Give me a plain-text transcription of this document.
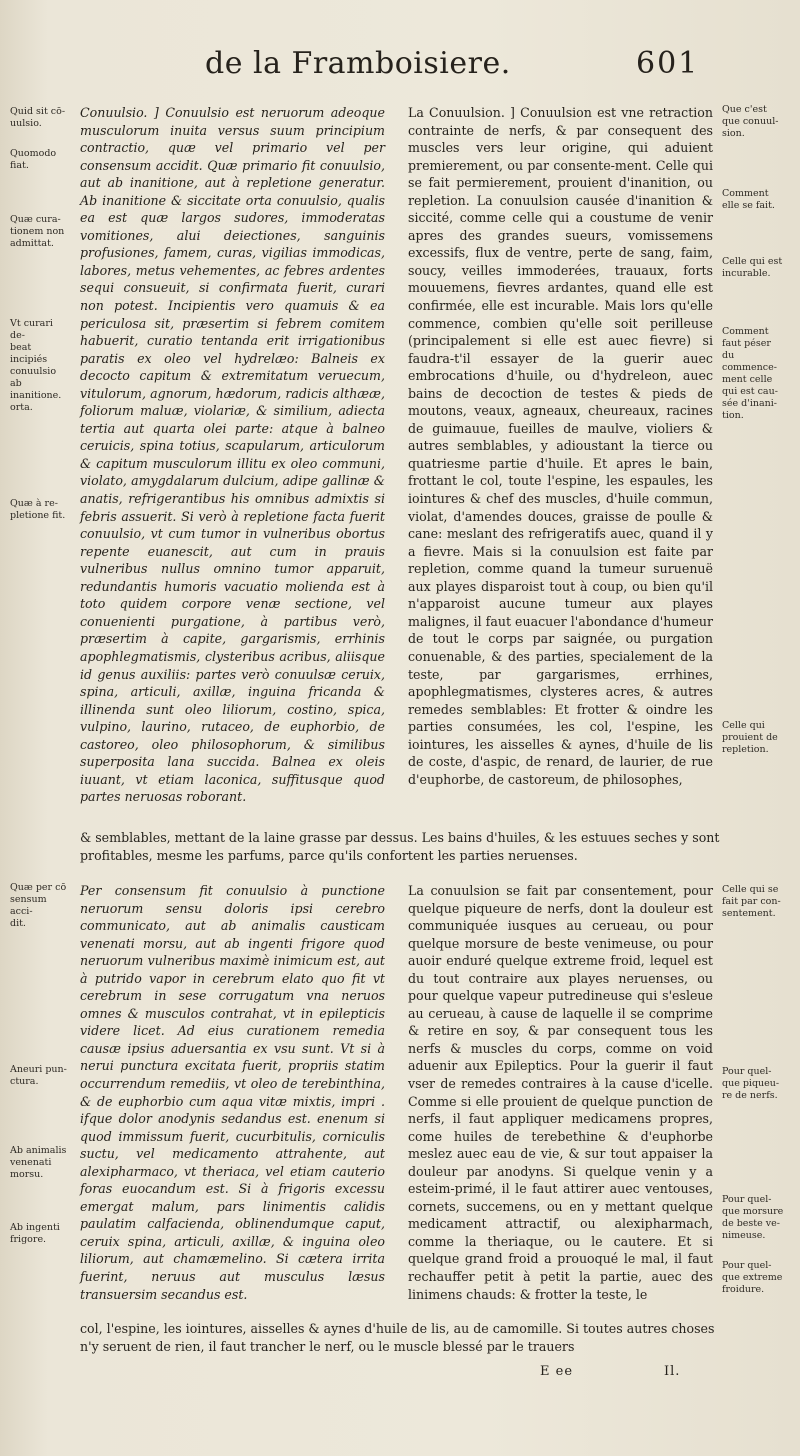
de la Framboisiere.	601
Quid sit cō-
uulsio.
Quomodo
fiat.
Quæ cura-
tionem non
admittat.
Vt curari de-
beat incipiés
conuulsio ab
inanitione.
orta.
Quæ à re-
pletione fit.
Quæ per cō
sensum acci-
dit.
Aneuri pun-
ctura.
Ab animalis
venenati
morsu.
Ab ingenti
frigore.
Que c'est
que conuul-
sion.
Comment
elle se fait.
Celle qui est
incurable.
Comment
faut péser du
commence-
ment celle
qui est cau-
sée d'inani-
tion.
Celle qui
prouient de
repletion.
Celle qui se
fait par con-
sentement.
Pour quel-
que piqueu-
re de nerfs.
Pour quel-
que morsure
de beste ve-
nimeuse.
Pour quel-
que extreme
froidure.
Conuulsio. ] Conuulsio est neruorum adeoque musculorum inuita versus suum principium contractio, quæ vel primario vel per consensum accidit. Quæ primario fit conuulsio, aut ab inanitione, aut à repletione generatur. Ab inanitione & siccitate orta conuulsio, qualis ea est quæ largos sudores, immoderatas vomitiones, alui deiectiones, sanguinis profusiones, famem, curas, vigilias immodicas, labores, metus vehementes, ac febres ardentes sequi consueuit, si confirmata fuerit, curari non potest. Incipientis vero quamuis & ea periculosa sit, præsertim si febrem comitem habuerit, curatio tentanda erit irrigationibus paratis ex oleo vel hydrelæo: Balneis ex decocto capitum & extremitatum veruecum, vitulorum, agnorum, hædorum, radicis althææ, foliorum maluæ, violariæ, & similium, adiecta tertia aut quarta olei parte: atque à balneo ceruicis, spina totius, scapularum, articulorum & capitum musculorum illitu ex oleo communi, violato, amygdalarum dulcium, adipe gallinæ & anatis, refrigerantibus his omnibus admixtis si febris assuerit. Si verò à repletione facta fuerit conuulsio, vt cum tumor in vulneribus obortus repente euanescit, aut cum in prauis vulneribus nullus omnino tumor apparuit, redundantis humoris vacuatio molienda est à toto quidem corpore venæ sectione, vel conuenienti purgatione, à partibus verò, præsertim à capite, gargarismis, errhinis apophlegmatismis, clysteribus acribus, aliisque id genus auxiliis: partes verò conuulsæ ceruix, spina, articuli, axillæ, inguina fricanda & illinenda sunt oleo liliorum, costino, spica, vulpino, laurino, rutaceo, de euphorbio, de castoreo, oleo philosophorum, & similibus superposita lana succida. Balnea ex oleis iuuant, vt etiam laconica, suffitusque quod partes neruosas roborant.
La Conuulsion. ] Conuulsion est vne retraction contrainte de nerfs, & par consequent des muscles vers leur origine, qui aduient premierement, ou par consente-ment. Celle qui se fait permierement, prouient d'inanition, ou repletion. La conuulsion causée d'inanition & siccité, comme celle qui a coustume de venir apres des grandes sueurs, vomissemens excessifs, flux de ventre, perte de sang, faim, soucy, veilles immoderées, trauaux, forts mouuemens, fievres ardantes, quand elle est confirmée, elle est incurable. Mais lors qu'elle commence, combien qu'elle soit perilleuse (principalement si elle est auec fievre) si faudra-t'il essayer de la guerir auec embrocations d'huile, ou d'hydreleon, auec bains de decoction de testes & pieds de moutons, veaux, agneaux, cheureaux, racines de guimauue, fueilles de maulve, violiers & autres semblables, y adioustant la tierce ou quatriesme partie d'huile. Et apres le bain, frottant le col, toute l'espine, les espaules, les iointures & chef des muscles, d'huile commun, violat, d'amendes douces, graisse de poulle & cane: meslant des refrigeratifs auec, quand il y a fievre. Mais si la conuulsion est faite par repletion, comme quand la tumeur suruenuë aux playes disparoist tout à coup, ou bien qu'il n'apparoist aucune tumeur aux playes malignes, il faut euacuer l'abondance d'humeur de tout le corps par saignée, ou purgation conuenable, & des parties, specialement de la teste, par gargarismes, errhines, apophlegmatismes, clysteres acres, & autres remedes semblables: Et frotter & oindre les parties consumées, les col, l'espine, les iointures, les aisselles & aynes, d'huile de lis de coste, d'aspic, de renard, de laurier, de rue d'euphorbe, de castoreum, de philosophes,
& semblables, mettant de la laine grasse par dessus. Les bains d'huiles, & les estuues seches y sont profitables, mesme les parfums, parce qu'ils confortent les parties neruenses.
Per consensum fit conuulsio à punctione neruorum sensu doloris ipsi cerebro communicato, aut ab animalis causticam venenati morsu, aut ab ingenti frigore quod neruorum vulneribus maximè inimicum est, aut à putrido vapor in cerebrum elato quo fit vt cerebrum in sese corrugatum vna neruos omnes & musculos contrahat, vt in epilepticis videre licet. Ad eius curationem remedia causæ ipsius aduersantia ex vsu sunt. Vt si à nerui punctura excitata fuerit, propriis statim occurrendum remediis, vt oleo de terebinthina, & de euphorbio cum aqua vitæ mixtis, impri . ifque dolor anodynis sedandus est. enenum si quod immissum fuerit, cucurbitulis, corniculis suctu, vel medicamento attrahente, aut alexipharmaco, vt theriaca, vel etiam cauterio foras euocandum est. Si à frigoris excessu emergat malum, pars linimentis calidis paulatim calfacienda, oblinendumque caput, ceruix spina, articuli, axillæ, & inguina oleo liliorum, aut chamæmelino. Si cætera irrita fuerint, neruus aut musculus læsus transuersim secandus est.
La conuulsion se fait par consentement, pour quelque piqueure de nerfs, dont la douleur est communiquée iusques au cerueau, ou pour quelque morsure de beste venimeuse, ou pour auoir enduré quelque extreme froid, lequel est du tout contraire aux playes neruenses, ou pour quelque vapeur putredineuse qui s'esleue au cerueau, à cause de laquelle il se comprime & retire en soy, & par consequent tous les nerfs & muscles du corps, comme on void aduenir aux Epileptics. Pour la guerir il faut vser de remedes contraires à la cause d'icelle. Comme si elle prouient de quelque punction de nerfs, il faut appliquer medicamens propres, come huiles de terebethine & d'euphorbe meslez auec eau de vie, & sur tout appaiser la douleur par anodyns. Si quelque venin y a esteim-primé, il le faut attirer auec ventouses, cornets, succemens, ou en y mettant quelque medicament attractif, ou alexipharmach, comme la theriaque, ou le cautere. Et si quelque grand froid a prouoqué le mal, il faut rechauffer petit à petit la partie, auec des linimens chauds: & frotter la teste, le
col, l'espine, les iointures, aisselles & aynes d'huile de lis, au de camomille. Si toutes autres choses n'y seruent de rien, il faut trancher le nerf, ou le muscle blessé par le trauers
E ee	Il.
